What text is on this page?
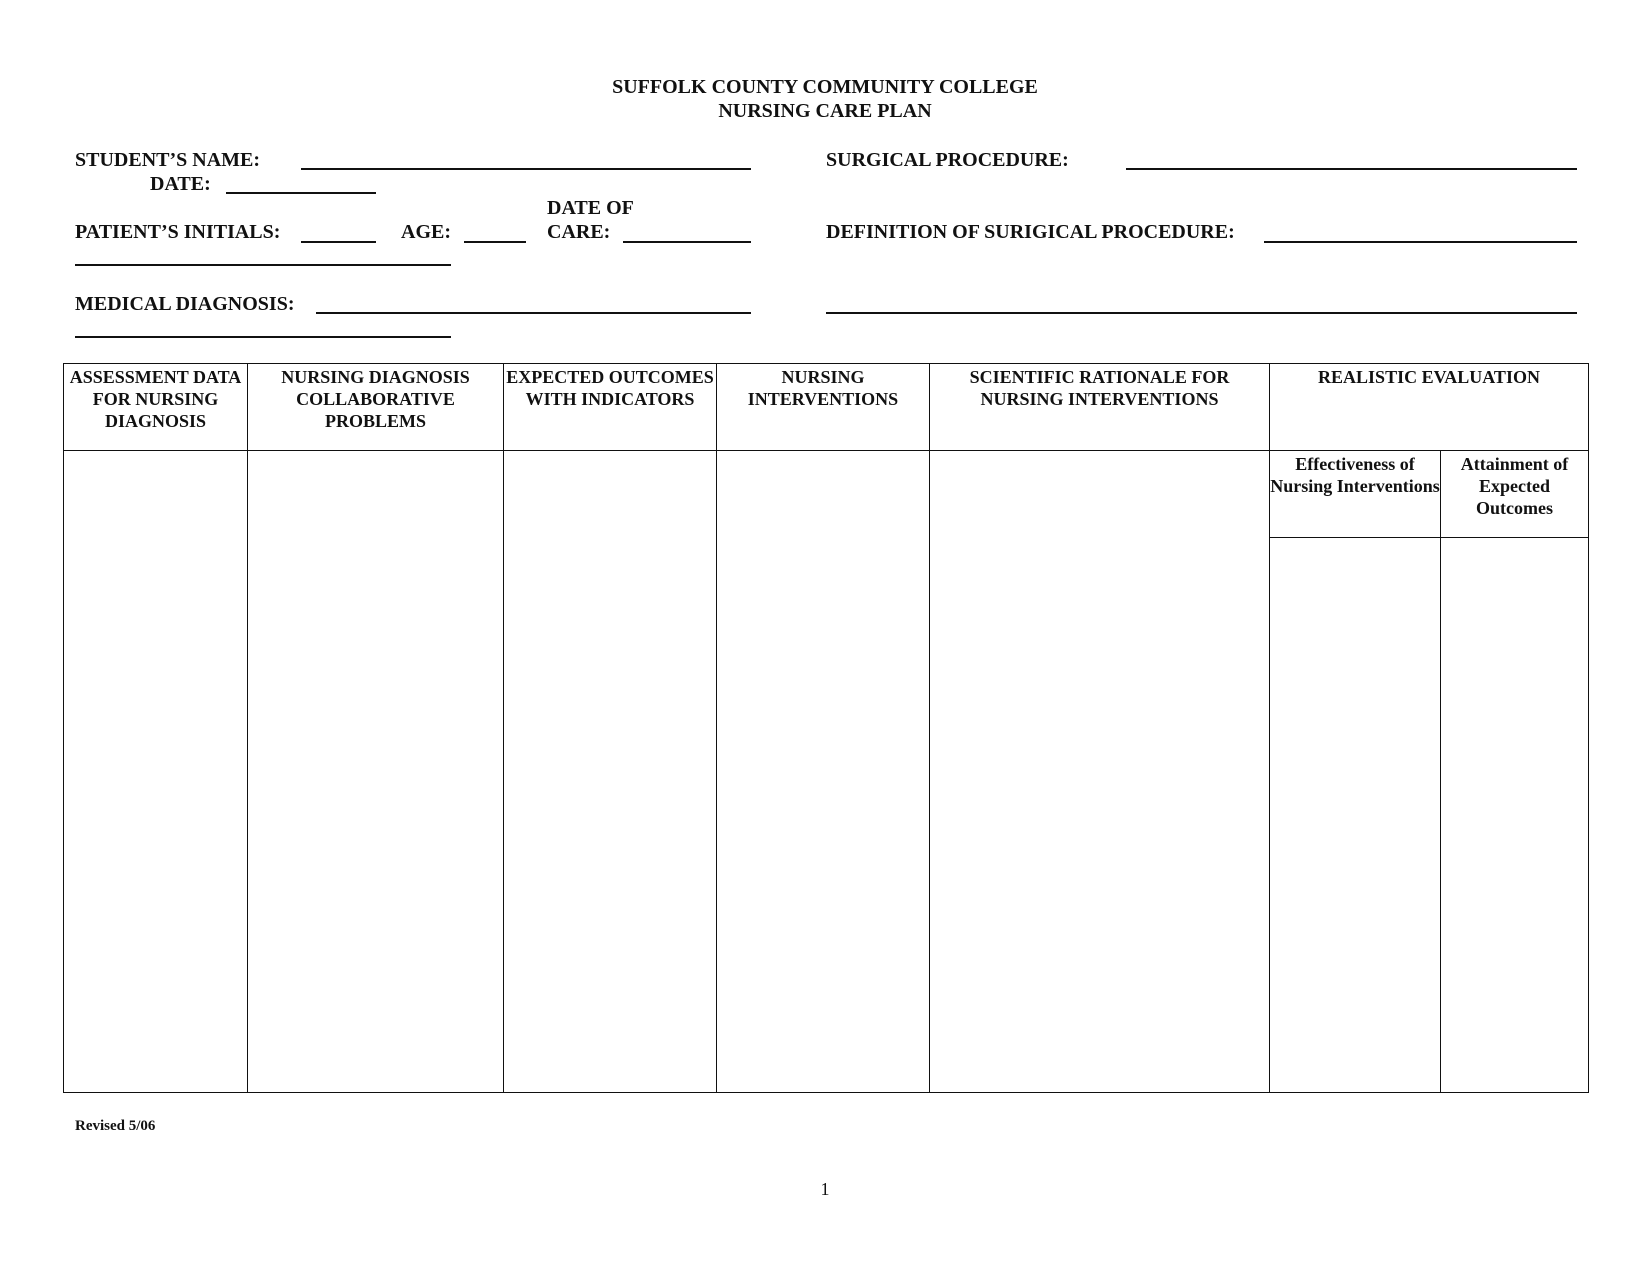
SUFFOLK COUNTY COMMUNITY COLLEGE
NURSING CARE PLAN
STUDENT’S NAME:	SURGICAL PROCEDURE:
DATE:
DATE OF
PATIENT’S INITIALS:	AGE:	CARE:	DEFINITION OF SURIGICAL PROCEDURE:
MEDICAL DIAGNOSIS:
ASSESSMENT DATA FOR NURSING DIAGNOSIS	NURSING DIAGNOSIS COLLABORATIVE PROBLEMS	EXPECTED OUTCOMES WITH INDICATORS	NURSING INTERVENTIONS	SCIENTIFIC RATIONALE FOR NURSING INTERVENTIONS	REALISTIC EVALUATION	
					Effectiveness of Nursing Interventions	Attainment of Expected Outcomes

Revised 5/06
1
